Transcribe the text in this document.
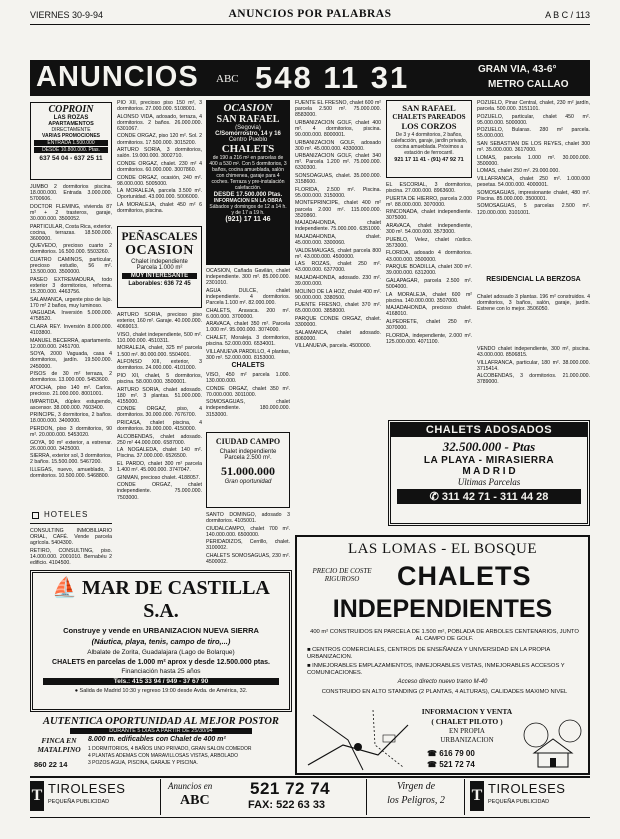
VIERNES 30-9-94	ANUNCIOS POR PALABRAS	A B C / 113
ANUNCIOS ABC 548 11 31	GRAN VIA, 43-6°
METRO CALLAO
COPROIN
LAS ROZAS
APARTAMENTOS
DIRECTAMENTE
VARIAS PROMOCIONES
ENTRADA 1.500.000
DESDE 10.800.000. Ptas.
637 54 04 - 637 25 11

JUMBO 2 dormitorios piscina. 18.000.000. Entrada 3.000.000. 5700606.

DOCTOR FLEMING, vivienda 87 m² + 2 trasteros, garaje, 30.000.000. 3500052.

PARTICULAR, Costa Rica, exterior, cocina, terrazas. 18.500.000. 3600000.

QUEVEDO, precioso cuarto 2 dormitorios. 16.500.000. 5503260.

CUATRO CAMINOS, particular, precioso estudio, 56 m². 13.500.000. 3500000.

PASEO EXTREMADURA, todo exterior 3 dormitorios, reforma. 15.200.000. 4463756.

SALAMANCA, urgente piso de lujo. 170 m² 2 baños, muy luminoso.

VAGUADA. Inversión 5.000.000. 4758520.

CLARA REY. Inversión 8.000.000. 4103800.

MANUEL BECERRA, apartamento. 12.000.000. 2451700.

SOYA, 2000 Vaguada, casa 4 dormitorios, jardín. 19.500.000. 2450000.

PISOS de 30 m² terraza, 2 dormitorios. 13.000.000. 5453600.

ATOCHA, piso 140 m². Carlos, precioso. 21.000.000. 8001001.

IMPARTIDA, dúplex estupendo, ascensor. 38.000.000. 7603400.

PRINCIPE, 3 dormitorios, 2 baños. 18.000.000. 3400000.

PERDON, piso 3 dormitorios, 90 m². 20.000.000. 5453020.

GOYA, 90 m² exterior, a estrenar. 26.000.000. 3425000.

SIERRA, exterior sol, 3 dormitorios, 2 baños. 15.500.000. 5467200.

ILLEGAS, nuevo, amueblado, 3 dormitorios. 10.500.000. 5468800.

HOTELES

CONSULTING INMOBILIARIO ORIAL, CAFÉ. Vende parcela agrícola. 5404300.

RETIRO, CONSULTING, piso. 14.000.000. 2001010. Bernabéu 2 edificio. 4104500.

PIO XII, precioso piso 150 m², 3 dormitorios. 27.000.000. 5108001.

ALONSO VIDA, adosado, terraza, 4 dormitorios. 2 baños. 26.000.000. 6301067.

CONDE ORGAZ, piso 120 m². Sol. 2 dormitorios. 17.500.000. 3015200.

ARTURO SORIA, 3 dormitorios, salón. 19.000.000. 3002710.

CONDE ORGAZ, chalet. 230 m² 4 dormitorios. 60.000.000. 3007860.

CONDE ORGAZ, ocasión, 240 m². 98.000.000. 5005000.

LA MORALEJA, parcela 3.500 m². Oportunidad. 43.000.000. 5006000.

LA MORALEJA, chalet 450 m² 6 dormitorios, piscina.

PEÑASCALES
OCASION
Chalet independiente
Parcela 1.000 m²
MUY INTERESANTE
Laborables: 636 72 45

ARTURO SORIA, precioso piso exterior, 160 m². Garaje. 40.000.000. 4069013.

VISO, chalet independiente, 500 m². 110.000.000. 4510311.

MORALEJA, chalet, 325 m² parcela 1.500 m². 80.000.000. 5504001.

ALFONSO XIII, exterior, 3 dormitorios. 24.000.000. 4101000.

PIO XII, chalet, 5 dormitorios, piscina. 58.000.000. 3500001.

ARTURO SORIA, chalet adosado. 180 m². 3 plantas. 51.000.000. 4155000.

CONDE ORGAZ, piso, 4 dormitorios. 30.000.000. 7676700.

PRICASA, chalet piscina, 4 dormitorios. 39.000.000. 4150000.

ALCOBENDAS, chalet adosado. 250 m² 44.000.000. 6587000.

LA NOGALEDA, chalet 140 m². Piscina. 37.000.000. 6526500.

EL PARDO, chalet 300 m² parcela 1.400 m². 45.000.000. 3747047.

GINMAN, precioso chalet. 4188057.

CONDE ORGAZ, chalet independiente. 75.000.000. 7503000.

OCASION
SAN RAFAEL
(Segovia)
C/Somorrostro, 14 y 16
Centro Pueblo
CHALETS
de 190 a 216 m² en parcelas de 400 a 530 m². Con 5 dormitorios, 3 baños, cocina amueblada, salón con chimenea, garaje para 4 coches. Terraza y pre-instalación calefacción.
DESDE 17.500.000 Ptas.
INFORMACION EN LA OBRA
Sábados y domingos de 12 a 14 h. y de 17 a 19 h.
(921) 17 11 46

OCASION, Cañada Gavilán, chalet independiente. 300 m². 85.000.000. 2301010.

AGUA DULCE, chalet independiente. 4 dormitorios. Parcela 1.100 m². 82.000.000.

CHALETS, Aravaca. 200 m². 6.000.000. 3700000.

ARAVACA, chalet 350 m². Parcela 1.000 m². 95.000.000. 3074000.

CHALET, Moraleja. 3 dormitorios, piscina. 52.000.000. 6534001.

VILLANUEVA PARDILLO, 4 plantas, 300 m². 52.000.000. 8153000.

CHALETS

VISO, 450 m² parcela 1.000. 130.000.000.

CONDE ORGAZ, chalet 350 m². 70.000.000. 3011000.

SOMOSAGUAS, chalet independiente. 180.000.000. 3153000.

CIUDAD CAMPO
Chalet independiente
Parcela 2.500 m².
51.000.000
Gran oportunidad

SANTO DOMINGO, adosado 3 dormitorios. 4105001.

CIUDALCAMPO, chalet 700 m². 140.000.000. 6500000.

PERIDADIZOS, Cerrillo, chalet. 3100002.

CHALETS SOMOSAGUAS, 230 m². 4500002.

FUENTE EL FRESNO, chalet 600 m² parcela 2.500 m². 75.000.000. 8583000.

URBANIZACION GOLF, chalet 400 m². 4 dormitorios, piscina. 90.000.000. 8000001.

URBANIZACION GOLF, adosado 300 m². 45.000.000. 4330000.

URBANIZACION GOLF, chalet 340 m². Parcela 1.200 m². 75.000.000. 6330300.

SONSOAGUAS, chalet. 35.000.000. 3158600.

FLORIDA, 2.500 m². Piscina. 95.000.000. 3150000.

MONTEPRINCIPE, chalet 400 m² parcela 2.000 m². 115.000.000. 3520860.

MAJADAHONDA, chalet independiente. 75.000.000. 6351000.

MAJADAHONDA, chalet. 45.000.000. 3300060.

VALDEMAUGAS, chalet parcela 800 m². 43.000.000. 4500000.

LAS ROZAS, chalet 250 m². 43.000.000. 6377000.

MAJADAHONDA, adosado. 230 m². 39.000.000.

MOLINO DE LA HOZ, chalet 400 m². 90.000.000. 3380500.

FUENTE FRESNO, chalet 370 m². 65.000.000. 3858000.

PARQUE CONDE ORGAZ, chalet. 3300000.

SALAMANCA, chalet adosado. 8060000.

VILLANUEVA, parcela. 4500000.

SAN RAFAEL
CHALETS PAREADOS
LOS CORZOS
De 3 y 4 dormitorios, 2 baños, calefacción, garaje, jardín privado, cocina amueblada. Próximos a estación de ferrocarril.
921 17 11 41 - (91) 47 92 71

EL ESCORIAL, 3 dormitorios, piscina. 27.000.000. 8963600.

PUERTA DE HIERRO, parcela 2.000 m². 88.000.000. 3070000.

RINCONADA, chalet independiente. 3075000.

ARAVACA, chalet independiente, 300 m². 54.000.000. 3573000.

PUEBLO, Velez, chalet rústico. 3573000.

FLORIDA, adosado 4 dormitorios. 43.000.000. 3500000.

PARQUE BOADILLA, chalet 300 m². 39.000.000. 6312000.

GALAPAGAR, parcela 2.500 m². 5004000.

LA MORALEJA, chalet 600 m² piscina. 140.000.000. 3507000.

MAJADAHONDA, precioso chalet. 4168010.

ALPEDRETE, chalet 250 m². 3070000.

FLORIDA, independiente, 2.000 m². 125.000.000. 4071100.

POZUELO, Pinar Central, chalet, 230 m² jardín, parcela. 500.000. 3151101.

POZUELO, particular, chalet 450 m². 95.000.000. 5000000.

POZUELO, Bularas. 280 m² parcela. 55.000.000.

SAN SEBASTIAN DE LOS REYES, chalet 300 m². 35.000.000. 3617000.

LOMAS, parcela 1.000 m². 30.000.000. 3500000.

LOMAS, chalet 250 m². 29.000.000.

VILLAFRANCA, chalet 250 m². 1.000.000 pesetas. 54.000.000. 4000001.

SOMOSAGUAS, impresionante chalet, 480 m². Piscina. 85.000.000. 3500001.

SOMOSAGUAS, 5 parcelas 2.500 m². 120.000.000. 3101001.

RESIDENCIAL LA BERZOSA

Chalet adosado 3 plantas. 196 m² construidos. 4 dormitorios, 3 baños, salón, garaje, jardín. Estrene con lo mejor. 3506050.

VENDO chalet independiente, 300 m², piscina. 43.000.000. 8506815.

VILLAFRANCA, particular, 180 m². 38.000.000. 3715414.

ALCOBENDAS, 3 dormitorios. 21.000.000. 3789000.

CHALETS ADOSADOS
32.500.000 - Ptas
LA PLAYA - MIRASIERRA
M A D R I D
Ultimas Parcelas
✆ 311 42 71 - 311 44 28
LAS LOMAS - EL BOSQUE
PRECIO DE COSTE RIGUROSO	CHALETS
INDEPENDIENTES
400 m² CONSTRUIDOS EN PARCELA DE 1.500 m², POBLADA DE ARBOLES CENTENARIOS, JUNTO AL CAMPO DE GOLF.
■ CENTROS COMERCIALES, CENTROS DE ENSEÑANZA Y UNIVERSIDAD EN LA PROPIA URBANIZACION.
■ INMEJORABLES EMPLAZAMIENTOS, INMEJORABLES VISTAS, INMEJORABLES ACCESOS Y COMUNICACIONES.
Acceso directo nuevo tramo M-40
CONSTRUIDO EN ALTO STANDING (2 PLANTAS, 4 ALTURAS), CALIDADES MAXIMO NIVEL
INFORMACION Y VENTA
( CHALET PILOTO )
EN PROPIA
URBANIZACION
☎ 616 79 00
☎ 521 72 74
⛵ MAR DE CASTILLA S.A.
Construye y vende en URBANIZACION NUEVA SIERRA
(Náutica, playa, tenis, campo de tiro,...)
Albalate de Zorita, Guadalajara (Lago de Bolarque)
CHALETS en parcelas de 1.000 m² aprox y desde 12.500.000 ptas.
Financiación hasta 25 años
Tels.: 415 33 94 / 949 - 37 67 90
● Salida de Madrid 10:30 y regreso 19:00 desde Avda. de América, 32.
AUTENTICA OPORTUNIDAD AL MEJOR POSTOR
DURANTE 5 DIAS A PARTIR DE 25/30/94
FINCA EN
MATALPINO
8.000 m. edificables con Chalet de 400 m²
1 DORMITORIOS, 4 BAÑOS UNO PRIVADO, GRAN SALON COMEDOR
4 PLANTAS ADEMAS CON MARAVILLOSAS VISTAS, ARBOLADO
3 POZOS AGUA, PISCINA, GARAJE Y PISCINA.
860 22 14
T TIROLESES
PEQUEÑA PUBLICIDAD
Anuncios en
ABC
521 72 74
FAX: 522 63 33
Virgen de
los Peligros, 2	T TIROLESES
PEQUEÑA PUBLICIDAD
